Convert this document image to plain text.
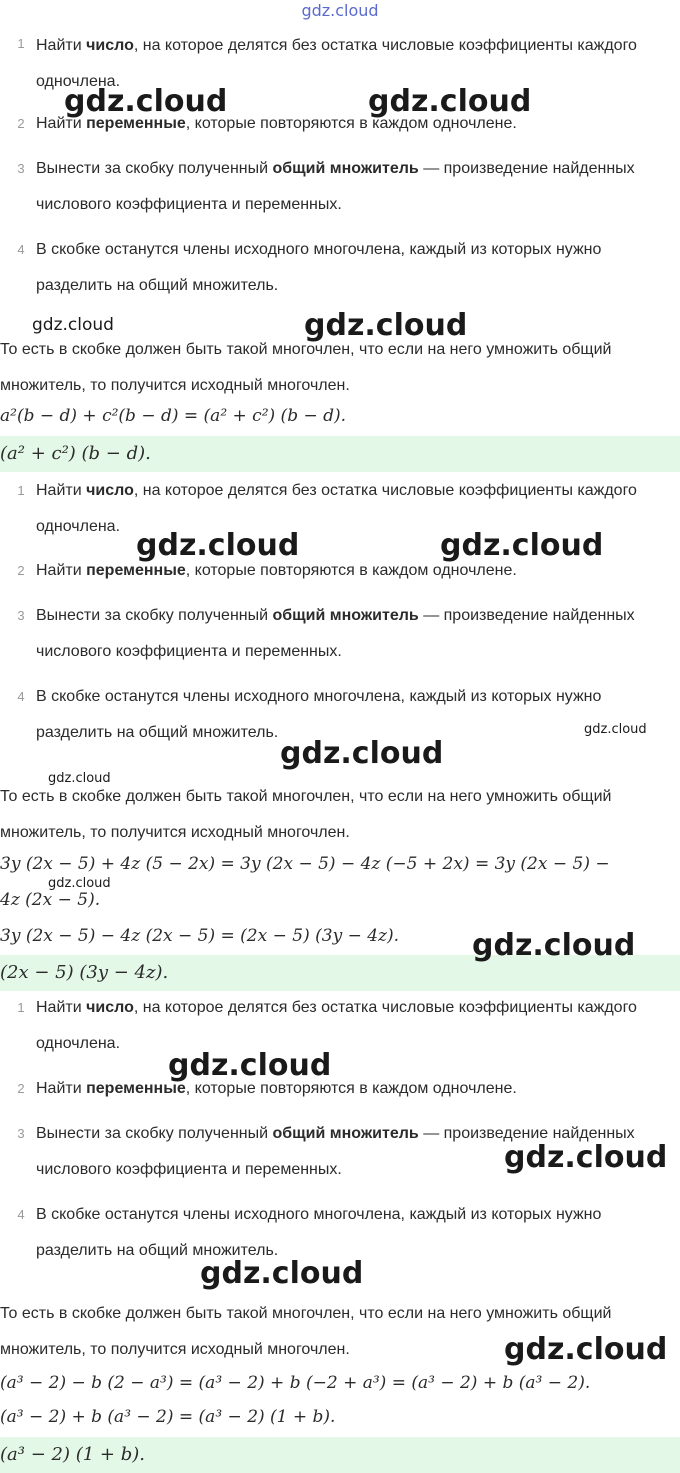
gdz.cloud
1 Найти число, на которое делятся без остатка числовые коэффициенты каждого одночлена.
2 Найти переменные, которые повторяются в каждом одночлене.
3 Вынести за скобку полученный общий множитель — произведение найденных числового коэффициента и переменных.
4 В скобке останутся члены исходного многочлена, каждый из которых нужно разделить на общий множитель.
То есть в скобке должен быть такой многочлен, что если на него умножить общий множитель, то получится исходный многочлен.
a²(b − d) + c²(b − d) = (a² + c²) (b − d).
(a² + c²) (b − d).
1 Найти число, на которое делятся без остатка числовые коэффициенты каждого одночлена.
2 Найти переменные, которые повторяются в каждом одночлене.
3 Вынести за скобку полученный общий множитель — произведение найденных числового коэффициента и переменных.
4 В скобке останутся члены исходного многочлена, каждый из которых нужно разделить на общий множитель.
То есть в скобке должен быть такой многочлен, что если на него умножить общий множитель, то получится исходный многочлен.
3y (2x − 5) + 4z (5 − 2x) = 3y (2x − 5) − 4z (−5 + 2x) = 3y (2x − 5) −
4z (2x − 5).
3y (2x − 5) − 4z (2x − 5) = (2x − 5) (3y − 4z).
(2x − 5) (3y − 4z).
1 Найти число, на которое делятся без остатка числовые коэффициенты каждого одночлена.
2 Найти переменные, которые повторяются в каждом одночлене.
3 Вынести за скобку полученный общий множитель — произведение найденных числового коэффициента и переменных.
4 В скобке останутся члены исходного многочлена, каждый из которых нужно разделить на общий множитель.
То есть в скобке должен быть такой многочлен, что если на него умножить общий множитель, то получится исходный многочлен.
(a³ − 2) − b (2 − a³) = (a³ − 2) + b (−2 + a³) = (a³ − 2) + b (a³ − 2).
(a³ − 2) + b (a³ − 2) = (a³ − 2) (1 + b).
(a³ − 2) (1 + b).
gdz.cloud	gdz.cloud
gdz.cloud	gdz.cloud
gdz.cloud	gdz.cloud
gdz.cloud
gdz.cloud
gdz.cloud
gdz.cloud
gdz.cloud
gdz.cloud
gdz.cloud
gdz.cloud
gdz.cloud
